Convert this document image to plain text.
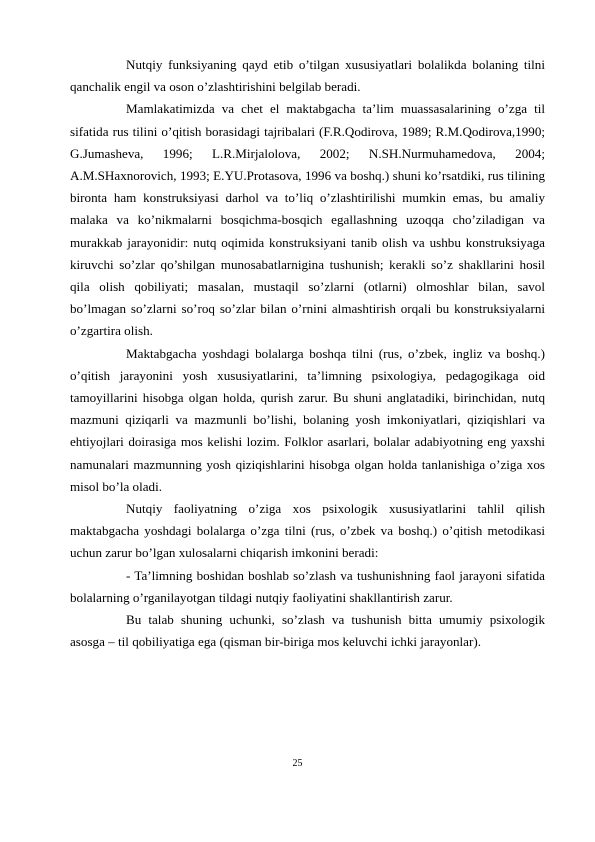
Nutqiy funksiyaning qayd etib o’tilgan xususiyatlari bolalikda bolaning tilni qanchalik engil va oson o’zlashtirishini belgilab beradi.

Mamlakatimizda va chet el maktabgacha ta’lim muassasalarining o’zga til sifatida rus tilini o’qitish borasidagi tajribalari (F.R.Qodirova, 1989; R.M.Qodirova,1990; G.Jumasheva, 1996; L.R.Mirjalolova, 2002; N.SH.Nurmuhamedova, 2004; A.M.SHaxnorovich, 1993; E.YU.Protasova, 1996 va boshq.) shuni ko’rsatdiki, rus tilining bironta ham konstruksiyasi darhol va to’liq o’zlashtirilishi mumkin emas, bu amaliy malaka va ko’nikmalarni bosqichma-bosqich egallashning uzoqqa cho’ziladigan va murakkab jarayonidir: nutq oqimida konstruksiyani tanib olish va ushbu konstruksiyaga kiruvchi so’zlar qo’shilgan munosabatlarnigina tushunish; kerakli so’z shakllarini hosil qila olish qobiliyati; masalan, mustaqil so’zlarni (otlarni) olmoshlar bilan, savol bo’lmagan so’zlarni so’roq so’zlar bilan o’rnini almashtirish orqali bu konstruksiyalarni o’zgartira olish.

Maktabgacha yoshdagi bolalarga boshqa tilni (rus, o’zbek, ingliz va boshq.) o’qitish jarayonini yosh xususiyatlarini, ta’limning psixologiya, pedagogikaga oid tamoyillarini hisobga olgan holda, qurish zarur. Bu shuni anglatadiki, birinchidan, nutq mazmuni qiziqarli va mazmunli bo’lishi, bolaning yosh imkoniyatlari, qiziqishlari va ehtiyojlari doirasiga mos kelishi lozim. Folklor asarlari, bolalar adabiyotning eng yaxshi namunalari mazmunning yosh qiziqishlarini hisobga olgan holda tanlanishiga o’ziga xos misol bo’la oladi.

Nutqiy faoliyatning o’ziga xos psixologik xususiyatlarini tahlil qilish maktabgacha yoshdagi bolalarga o’zga tilni (rus, o’zbek va boshq.) o’qitish metodikasi uchun zarur bo’lgan xulosalarni chiqarish imkonini beradi:

- Ta’limning boshidan boshlab so’zlash va tushunishning faol jarayoni sifatida bolalarning o’rganilayotgan tildagi nutqiy faoliyatini shakllantirish zarur.

Bu talab shuning uchunki, so’zlash va tushunish bitta umumiy psixologik asosga – til qobiliyatiga ega (qisman bir-biriga mos keluvchi ichki jarayonlar).

25
